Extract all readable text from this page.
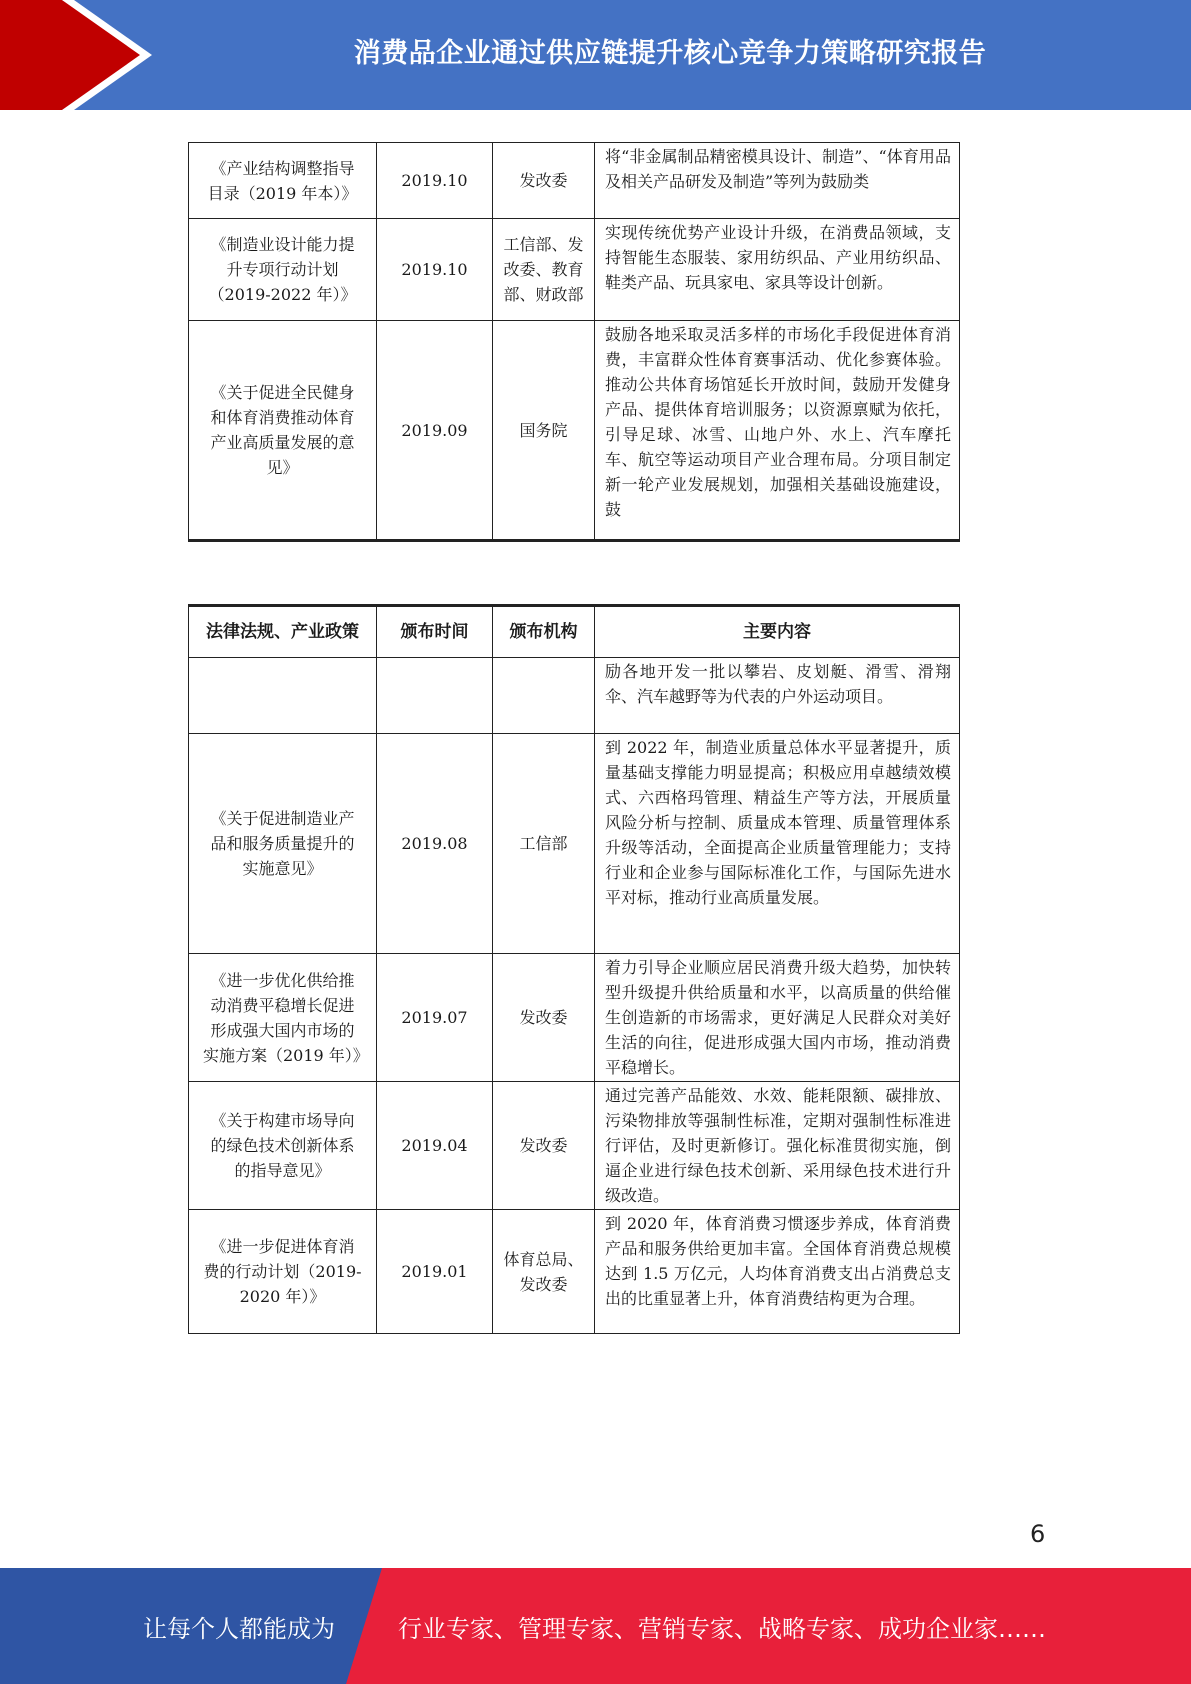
消费品企业通过供应链提升核心竞争力策略研究报告
《产业结构调整指导目录（2019 年本）》	2019.10	发改委	将“非金属制品精密模具设计、制造”、“体育用品及相关产品研发及制造”等列为鼓励类
《制造业设计能力提升专项行动计划（2019-2022 年）》	2019.10	工信部、发改委、教育部、财政部	实现传统优势产业设计升级，在消费品领域，支持智能生态服装、家用纺织品、产业用纺织品、鞋类产品、玩具家电、家具等设计创新。
《关于促进全民健身和体育消费推动体育产业高质量发展的意见》	2019.09	国务院	鼓励各地采取灵活多样的市场化手段促进体育消费，丰富群众性体育赛事活动、优化参赛体验。推动公共体育场馆延长开放时间，鼓励开发健身产品、提供体育培训服务；以资源禀赋为依托，引导足球、冰雪、山地户外、水上、汽车摩托车、航空等运动项目产业合理布局。分项目制定新一轮产业发展规划，加强相关基础设施建设，鼓
法律法规、产业政策	颁布时间	颁布机构	主要内容
			励各地开发一批以攀岩、皮划艇、滑雪、滑翔伞、汽车越野等为代表的户外运动项目。
《关于促进制造业产品和服务质量提升的实施意见》	2019.08	工信部	到 2022 年，制造业质量总体水平显著提升，质量基础支撑能力明显提高；积极应用卓越绩效模式、六西格玛管理、精益生产等方法，开展质量风险分析与控制、质量成本管理、质量管理体系升级等活动，全面提高企业质量管理能力；支持行业和企业参与国际标准化工作，与国际先进水平对标，推动行业高质量发展。
《进一步优化供给推动消费平稳增长促进形成强大国内市场的实施方案（2019 年）》	2019.07	发改委	着力引导企业顺应居民消费升级大趋势，加快转型升级提升供给质量和水平，以高质量的供给催生创造新的市场需求，更好满足人民群众对美好生活的向往，促进形成强大国内市场，推动消费平稳增长。
《关于构建市场导向的绿色技术创新体系的指导意见》	2019.04	发改委	通过完善产品能效、水效、能耗限额、碳排放、污染物排放等强制性标准，定期对强制性标准进行评估，及时更新修订。强化标准贯彻实施，倒逼企业进行绿色技术创新、采用绿色技术进行升级改造。
《进一步促进体育消费的行动计划（2019-2020 年）》	2019.01	体育总局、发改委	到 2020 年，体育消费习惯逐步养成，体育消费产品和服务供给更加丰富。全国体育消费总规模达到 1.5 万亿元，人均体育消费支出占消费总支出的比重显著上升，体育消费结构更为合理。
6
让每个人都能成为	行业专家、管理专家、营销专家、战略专家、成功企业家……
